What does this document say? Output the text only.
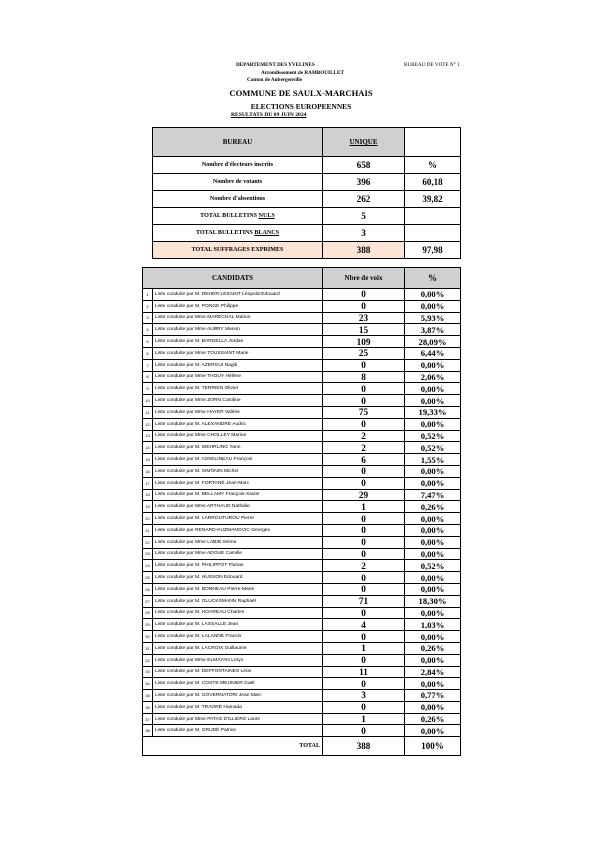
DEPARTEMENT DES YVELINES
Arrondissement de RAMBOUILLET
Canton de Aubergenville
BUREAU DE VOTE N° 1
COMMUNE DE SAULX-MARCHAIS
ELECTIONS EUROPEENNES
RESULTATS DU 09 JUIN 2024
BUREAU	UNIQUE	
Nombre d'électeurs inscrits	658	%
Nombre de votants	396	60,18
Nombre d'absentions	262	39,82
TOTAL BULLETINS NULS	5	
TOTAL BULLETINS BLANCS	3	
TOTAL SUFFRAGES EXPRIMES	388	97,98
CANDIDATS		Nbre de voix	%
1	Liste conduite par M. DEHER-LESAINT Léopold-Edouard	0	0,00%
2	Liste conduite par M. PONGE Philippe	0	0,00%
3	Liste conduite par Mme MARÉCHAL Marion	23	5,93%
4	Liste conduite par Mme AUBRY Manon	15	3,87%
5	Liste conduite par M. BARDELLA Jordan	109	28,09%
6	Liste conduite par Mme TOUSSAINT Marie	25	6,44%
7	Liste conduite par M. AZERGUI Nagib	0	0,00%
8	Liste conduite par Mme THOUY Hélène	8	2,06%
9	Liste conduite par M. TERRIEN Olivier	0	0,00%
10	Liste conduite par Mme ZORN Caroline	0	0,00%
11	Liste conduite par Mme HAYER Valérie	75	19,33%
12	Liste conduite par M. ALEXANDRE Audric	0	0,00%
13	Liste conduite par Mme CHOLLEY Marine	2	0,52%
14	Liste conduite par M. WEHRLING Yann	2	0,52%
15	Liste conduite par M. ASSELINEAU François	6	1,55%
16	Liste conduite par M. SIMONIN Michel	0	0,00%
17	Liste conduite par M. FORTANÉ Jean-Marc	0	0,00%
18	Liste conduite par M. BELLAMY François-Xavier	29	7,47%
19	Liste conduite par Mme ARTHAUD Nathalie	1	0,26%
20	Liste conduite par M. LARROUTUROU Pierre	0	0,00%
21	Liste conduite par RENARD-KUZMANOVIC Georges	0	0,00%
22	Liste conduite par Mme LABIB Selma	0	0,00%
23	Liste conduite par Mme ADOUE Camille	0	0,00%
24	Liste conduite par M. PHILIPPOT Florian	2	0,52%
25	Liste conduite par M. HUSSON Edouard	0	0,00%
26	Liste conduite par M. BONNEAU Pierre-Marie	0	0,00%
27	Liste conduite par M. GLUCKSMANN Raphaël	71	18,30%
28	Liste conduite par M. HOAREAU Charles	0	0,00%
29	Liste conduite par M. LASSALLE Jean	4	1,03%
30	Liste conduite par M. LALANNE Francis	0	0,00%
31	Liste conduite par M. LACROIX Guillaume	1	0,26%
32	Liste conduite par Mme ELMAYAN Lorys	0	0,00%
33	Liste conduite par M. DEFFONTAINES Léon	11	2,84%
34	Liste conduite par M. COSTE-MEUNIER Gaël	0	0,00%
35	Liste conduite par M. GOVERNATORI Jean Marc	3	0,77%
36	Liste conduite par M. TRAORÉ Hamada	0	0,00%
37	Liste conduite par Mme PATAS D'ILLIERS Laure	1	0,26%
38	Liste conduite par M. GRUDÉ Patrice	0	0,00%
TOTAL		388	100%
